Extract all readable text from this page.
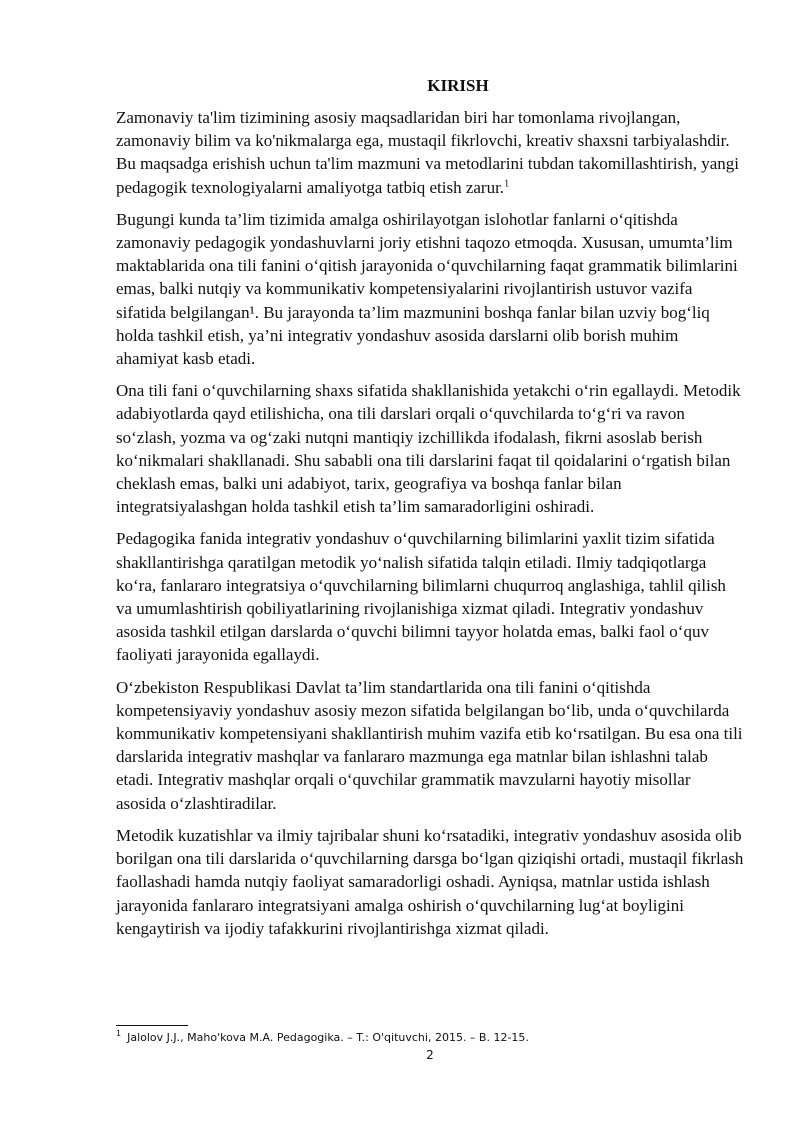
KIRISH

Zamonaviy ta'lim tizimining asosiy maqsadlaridan biri har tomonlama rivojlangan, zamonaviy bilim va ko'nikmalarga ega, mustaqil fikrlovchi, kreativ shaxsni tarbiyalashdir. Bu maqsadga erishish uchun ta'lim mazmuni va metodlarini tubdan takomillashtirish, yangi pedagogik texnologiyalarni amaliyotga tatbiq etish zarur.$^1$

Bugungi kunda ta’lim tizimida amalga oshirilayotgan islohotlar fanlarni o‘qitishda zamonaviy pedagogik yondashuvlarni joriy etishni taqozo etmoqda. Xususan, umumta’lim maktablarida ona tili fanini o‘qitish jarayonida o‘quvchilarning faqat grammatik bilimlarini emas, balki nutqiy va kommunikativ kompetensiyalarini rivojlantirish ustuvor vazifa sifatida belgilangan¹. Bu jarayonda ta’lim mazmunini boshqa fanlar bilan uzviy bog‘liq holda tashkil etish, ya’ni integrativ yondashuv asosida darslarni olib borish muhim ahamiyat kasb etadi.

Ona tili fani o‘quvchilarning shaxs sifatida shakllanishida yetakchi o‘rin egallaydi. Metodik adabiyotlarda qayd etilishicha, ona tili darslari orqali o‘quvchilarda to‘g‘ri va ravon so‘zlash, yozma va og‘zaki nutqni mantiqiy izchillikda ifodalash, fikrni asoslab berish ko‘nikmalari shakllanadi. Shu sababli ona tili darslarini faqat til qoidalarini o‘rgatish bilan cheklash emas, balki uni adabiyot, tarix, geografiya va boshqa fanlar bilan integratsiyalashgan holda tashkil etish ta’lim samaradorligini oshiradi.

Pedagogika fanida integrativ yondashuv o‘quvchilarning bilimlarini yaxlit tizim sifatida shakllantirishga qaratilgan metodik yo‘nalish sifatida talqin etiladi. Ilmiy tadqiqotlarga ko‘ra, fanlararo integratsiya o‘quvchilarning bilimlarni chuqurroq anglashiga, tahlil qilish va umumlashtirish qobiliyatlarining rivojlanishiga xizmat qiladi. Integrativ yondashuv asosida tashkil etilgan darslarda o‘quvchi bilimni tayyor holatda emas, balki faol o‘quv faoliyati jarayonida egallaydi.

O‘zbekiston Respublikasi Davlat ta’lim standartlarida ona tili fanini o‘qitishda kompetensiyaviy yondashuv asosiy mezon sifatida belgilangan bo‘lib, unda o‘quvchilarda kommunikativ kompetensiyani shakllantirish muhim vazifa etib ko‘rsatilgan. Bu esa ona tili darslarida integrativ mashqlar va fanlararo mazmunga ega matnlar bilan ishlashni talab etadi. Integrativ mashqlar orqali o‘quvchilar grammatik mavzularni hayotiy misollar asosida o‘zlashtiradilar.

Metodik kuzatishlar va ilmiy tajribalar shuni ko‘rsatadiki, integrativ yondashuv asosida olib borilgan ona tili darslarida o‘quvchilarning darsga bo‘lgan qiziqishi ortadi, mustaqil fikrlash faollashadi hamda nutqiy faoliyat samaradorligi oshadi. Ayniqsa, matnlar ustida ishlash jarayonida fanlararo integratsiyani amalga oshirish o‘quvchilarning lug‘at boyligini kengaytirish va ijodiy tafakkurini rivojlantirishga xizmat qiladi.

$^1$ Jalolov J.J., Maho'kova M.A. Pedagogika. – T.: O'qituvchi, 2015. – B. 12-15.
2
